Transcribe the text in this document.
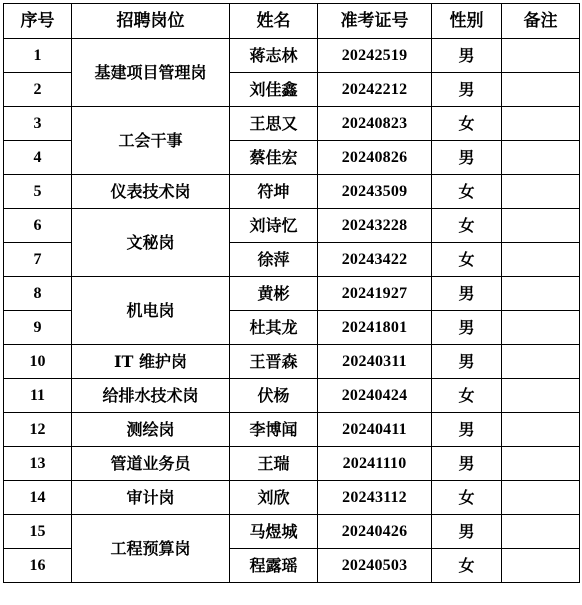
序号	招聘岗位	姓名	准考证号	性别	备注
1	基建项目管理岗	蒋志林	20242519	男	
2		刘佳鑫	20242212	男	
3	工会干事	王思又	20240823	女	
4		蔡佳宏	20240826	男	
5	仪表技术岗	符坤	20243509	女	
6	文秘岗	刘诗忆	20243228	女	
7		徐萍	20243422	女	
8	机电岗	黄彬	20241927	男	
9		杜其龙	20241801	男	
10	IT 维护岗	王晋森	20240311	男	
11	给排水技术岗	伏杨	20240424	女	
12	测绘岗	李博闻	20240411	男	
13	管道业务员	王瑞	20241110	男	
14	审计岗	刘欣	20243112	女	
15	工程预算岗	马煜城	20240426	男	
16		程露瑶	20240503	女	
